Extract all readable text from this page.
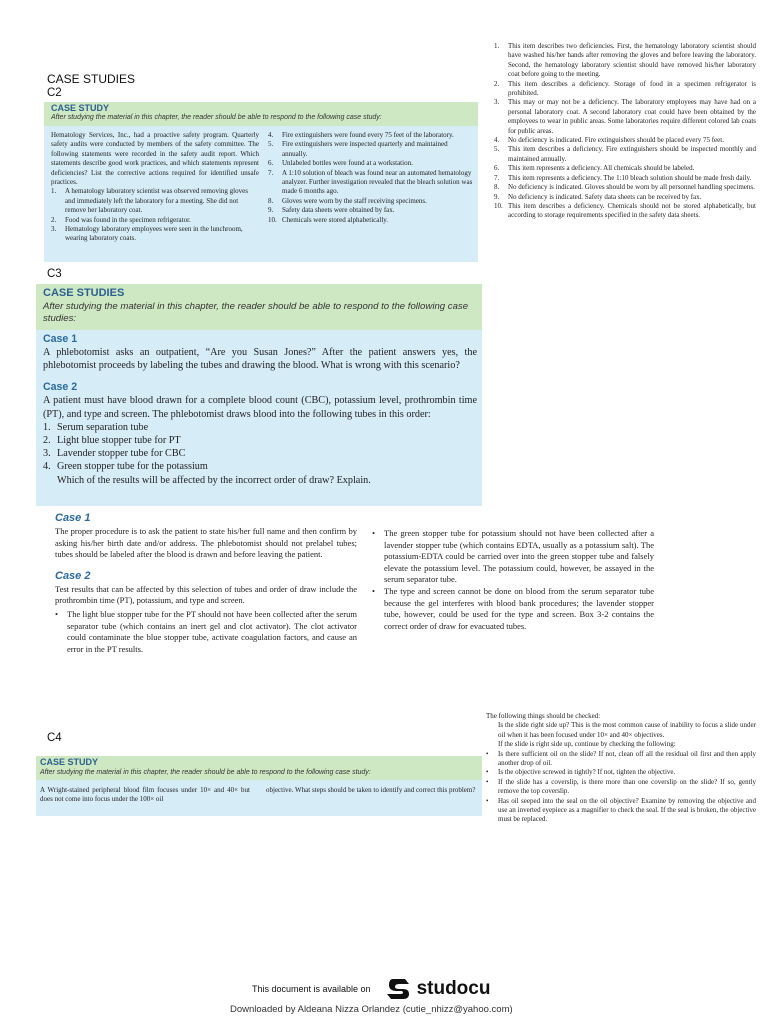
CASE STUDIES
C2
CASE STUDY
After studying the material in this chapter, the reader should be able to respond to the following case study:
Hematology Services, Inc., had a proactive safety program. Quarterly safety audits were conducted by members of the safety committee. The following statements were recorded in the safety audit report. Which statements describe good work practices, and which statements represent deficiencies? List the corrective actions required for identified unsafe practices.
1. A hematology laboratory scientist was observed removing gloves and immediately left the laboratory for a meeting. She did not remove her laboratory coat.
2. Food was found in the specimen refrigerator.
3. Hematology laboratory employees were seen in the lunchroom, wearing laboratory coats.
4. Fire extinguishers were found every 75 feet of the laboratory.
5. Fire extinguishers were inspected quarterly and maintained annually.
6. Unlabeled bottles were found at a workstation.
7. A 1:10 solution of bleach was found near an automated hematology analyzer. Further investigation revealed that the bleach solution was made 6 months ago.
8. Gloves were worn by the staff receiving specimens.
9. Safety data sheets were obtained by fax.
10. Chemicals were stored alphabetically.
1. This item describes two deficiencies. First, the hematology laboratory scientist should have washed his/her hands after removing the gloves and before leaving the laboratory. Second, the hematology laboratory scientist should have removed his/her laboratory coat before going to the meeting.
2. This item describes a deficiency. Storage of food in a specimen refrigerator is prohibited.
3. This may or may not be a deficiency. The laboratory employees may have had on a personal laboratory coat. A second laboratory coat could have been obtained by the employees to wear in public areas. Some laboratories require different colored lab coats for public areas.
4. No deficiency is indicated. Fire extinguishers should be placed every 75 feet.
5. This item describes a deficiency. Fire extinguishers should be inspected monthly and maintained annually.
6. This item represents a deficiency. All chemicals should be labeled.
7. This item represents a deficiency. The 1:10 bleach solution should be made fresh daily.
8. No deficiency is indicated. Gloves should be worn by all personnel handling specimens.
9. No deficiency is indicated. Safety data sheets can be received by fax.
10. This item describes a deficiency. Chemicals should not be stored alphabetically, but according to storage requirements specified in the safety data sheets.
C3
CASE STUDIES
After studying the material in this chapter, the reader should be able to respond to the following case studies:
Case 1
A phlebotomist asks an outpatient, “Are you Susan Jones?” After the patient answers yes, the phlebotomist proceeds by labeling the tubes and drawing the blood. What is wrong with this scenario?
Case 2
A patient must have blood drawn for a complete blood count (CBC), potassium level, prothrombin time (PT), and type and screen. The phlebotomist draws blood into the following tubes in this order:
1. Serum separation tube
2. Light blue stopper tube for PT
3. Lavender stopper tube for CBC
4. Green stopper tube for the potassium
Which of the results will be affected by the incorrect order of draw? Explain.
Case 1
The proper procedure is to ask the patient to state his/her full name and then confirm by asking his/her birth date and/or address. The phlebotomist should not prelabel tubes; tubes should be labeled after the blood is drawn and before leaving the patient.
Case 2
Test results that can be affected by this selection of tubes and order of draw include the prothrombin time (PT), potassium, and type and screen.
• The light blue stopper tube for the PT should not have been collected after the serum separator tube (which contains an inert gel and clot activator). The clot activator could contaminate the blue stopper tube, activate coagulation factors, and cause an error in the PT results.
• The green stopper tube for potassium should not have been collected after a lavender stopper tube (which contains EDTA, usually as a potassium salt). The potassium-EDTA could be carried over into the green stopper tube and falsely elevate the potassium level. The potassium could, however, be assayed in the serum separator tube.
• The type and screen cannot be done on blood from the serum separator tube because the gel interferes with blood bank procedures; the lavender stopper tube, however, could be used for the type and screen. Box 3-2 contains the correct order of draw for evacuated tubes.
C4
CASE STUDY
After studying the material in this chapter, the reader should be able to respond to the following case study:
A Wright-stained peripheral blood film focuses under 10× and 40× but does not come into focus under the 100× oil
objective. What steps should be taken to identify and correct this problem?
The following things should be checked:
Is the slide right side up? This is the most common cause of inability to focus a slide under oil when it has been focused under 10× and 40× objectives.
If the slide is right side up, continue by checking the following:
• Is there sufficient oil on the slide? If not, clean off all the residual oil first and then apply another drop of oil.
• Is the objective screwed in tightly? If not, tighten the objective.
• If the slide has a coverslip, is there more than one coverslip on the slide? If so, gently remove the top coverslip.
• Has oil seeped into the seal on the oil objective? Examine by removing the objective and use an inverted eyepiece as a magnifier to check the seal. If the seal is broken, the objective must be replaced.
This document is available on studocu
Downloaded by Aldeana Nizza Orlandez (cutie_nhizz@yahoo.com)
